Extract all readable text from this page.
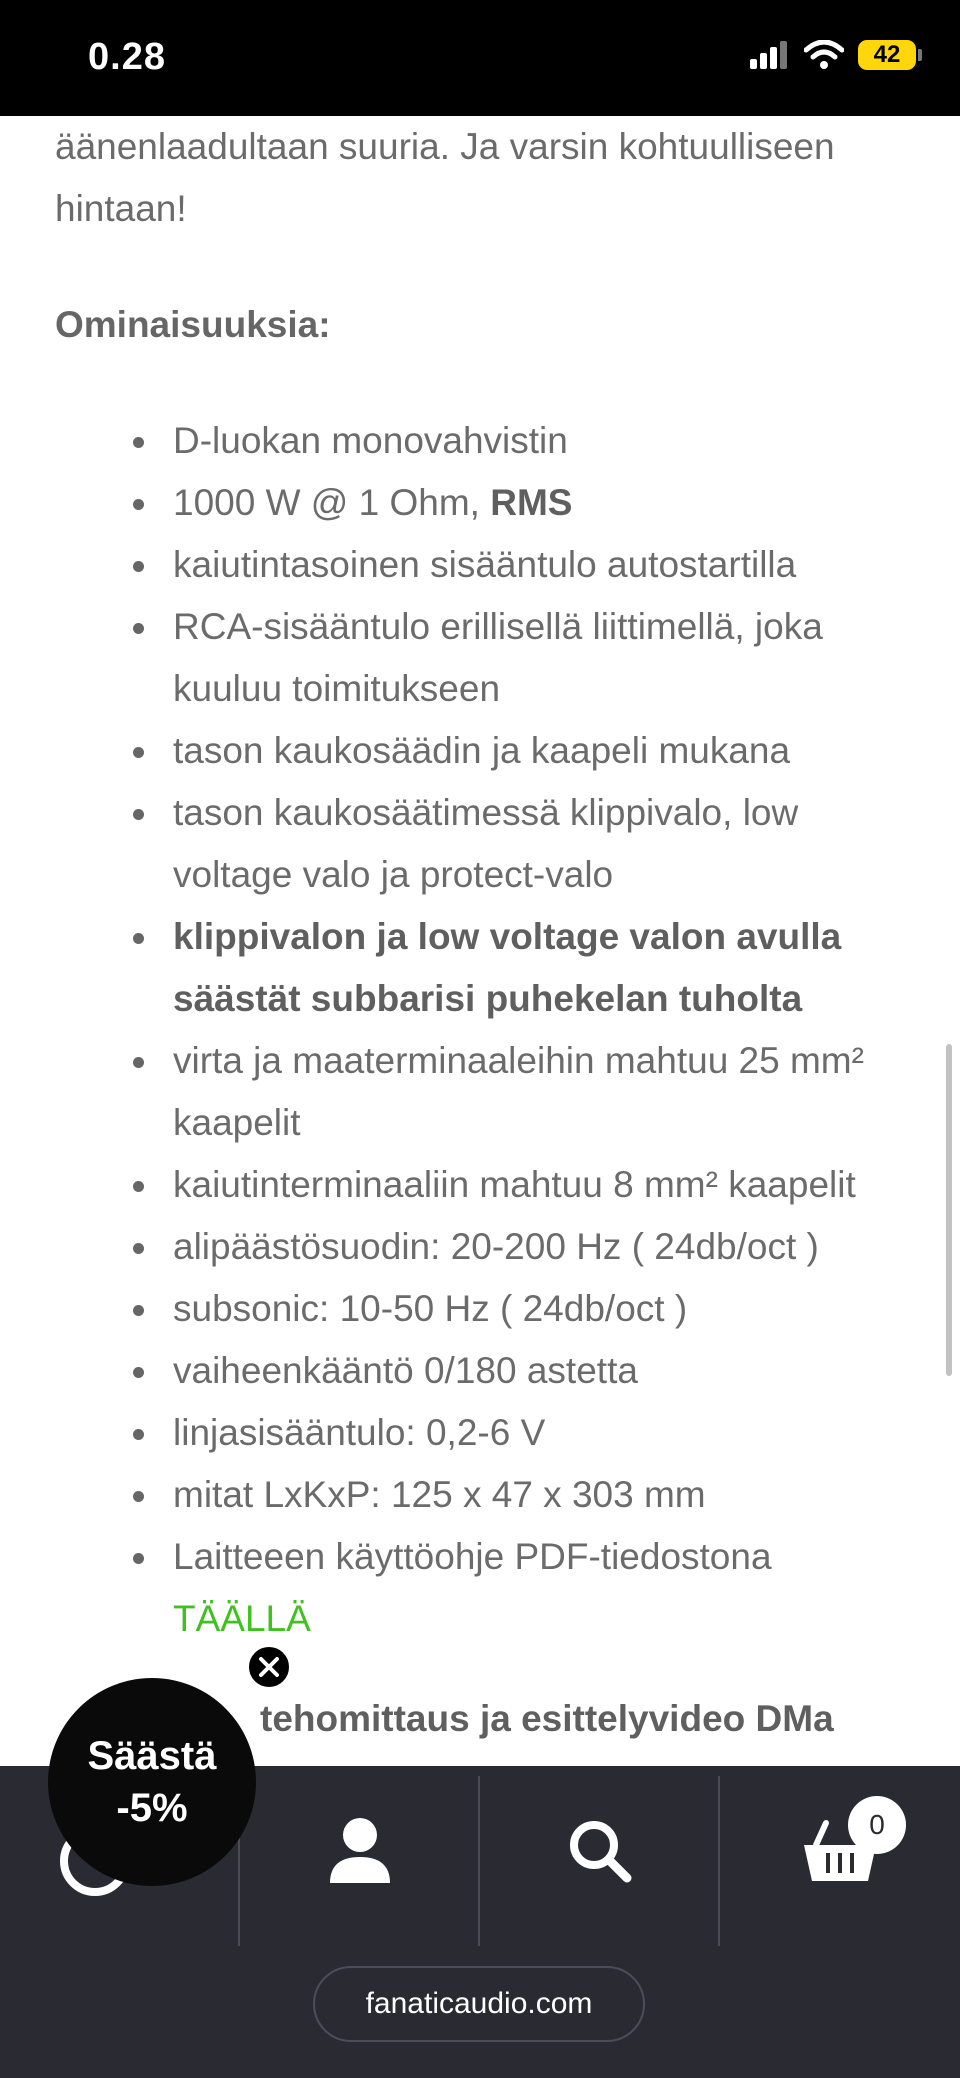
0.28	42

äänenlaadultaan suuria. Ja varsin kohtuulliseen
hintaan!

Ominaisuuksia:
D-luokan monovahvistin
1000 W @ 1 Ohm, RMS
kaiutintasoinen sisääntulo autostartilla
RCA-sisääntulo erillisellä liittimellä, joka kuuluu toimitukseen
tason kaukosäädin ja kaapeli mukana
tason kaukosäätimessä klippivalo, low voltage valo ja protect-valo
klippivalon ja low voltage valon avulla säästät subbarisi puhekelan tuholta
virta ja maaterminaaleihin mahtuu 25 mm² kaapelit
kaiutinterminaaliin mahtuu 8 mm² kaapelit
alipäästösuodin: 20-200 Hz ( 24db/oct )
subsonic: 10-50 Hz ( 24db/oct )
vaiheenkääntö 0/180 astetta
linjasisääntulo: 0,2-6 V
mitat LxKxP: 125 x 47 x 303 mm
Laitteeen käyttöohje PDF-tiedostona
TÄÄLLÄ
tehomittaus ja esittelyvideo DMa
0
fanaticaudio.com
Säästä
-5%
